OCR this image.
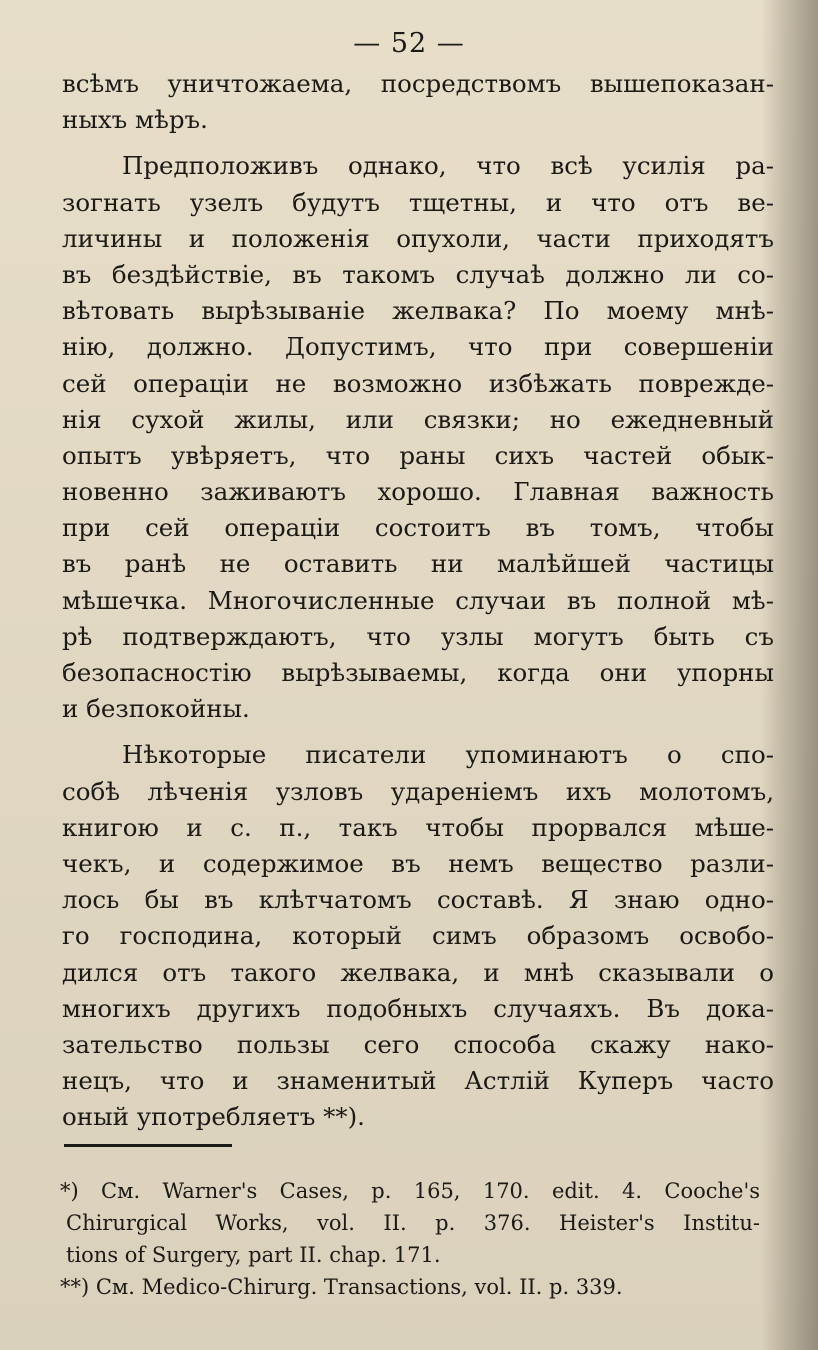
— 52 —
всѣмъ уничтожаема, посредствомъ вышепоказан-
ныхъ мѣръ.
Предположивъ однако, что всѣ усилія ра-
зогнать узелъ будутъ тщетны, и что отъ ве-
личины и положенія опухоли, части приходятъ
въ бездѣйствіе, въ такомъ случаѣ должно ли со-
вѣтовать вырѣзываніе желвака? По моему мнѣ-
нію, должно. Допустимъ, что при совершеніи
сей операціи не возможно избѣжать поврежде-
нія сухой жилы, или связки; но ежедневный
опытъ увѣряетъ, что раны сихъ частей обык-
новенно заживаютъ хорошо. Главная важность
при сей операціи состоитъ въ томъ, чтобы
въ ранѣ не оставить ни малѣйшей частицы
мѣшечка. Многочисленные случаи въ полной мѣ-
рѣ подтверждаютъ, что узлы могутъ быть съ
безопасностію вырѣзываемы, когда они упорны
и безпокойны.
Нѣкоторые писатели упоминаютъ о спо-
собѣ лѣченія узловъ удареніемъ ихъ молотомъ,
книгою и с. п., такъ чтобы прорвался мѣше-
чекъ, и содержимое въ немъ вещество разли-
лось бы въ клѣтчатомъ составѣ. Я знаю одно-
го господина, который симъ образомъ освобо-
дился отъ такого желвака, и мнѣ сказывали о
многихъ другихъ подобныхъ случаяхъ. Въ дока-
зательство пользы сего способа скажу нако-
нецъ, что и знаменитый Астлій Куперъ часто
оный употребляетъ **).
*) См. Warner's Cases, p. 165, 170. edit. 4. Cooche's
Chirurgical Works, vol. II. p. 376. Heister's Institu-
tions of Surgery, part II. chap. 171.
**) См. Medico-Chirurg. Transactions, vol. II. p. 339.
